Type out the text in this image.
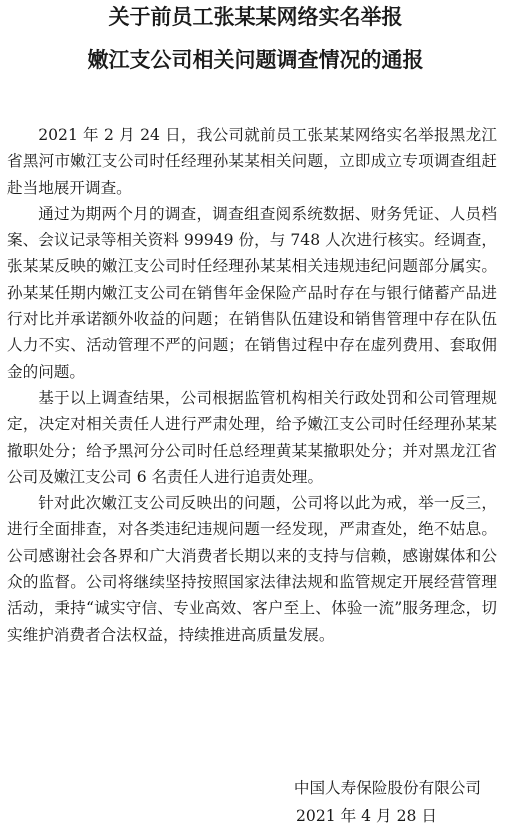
关于前员工张某某网络实名举报
嫩江支公司相关问题调查情况的通报

2021 年 2 月 24 日，我公司就前员工张某某网络实名举报黑龙江省黑河市嫩江支公司时任经理孙某某相关问题，立即成立专项调查组赶赴当地展开调查。

通过为期两个月的调查，调查组查阅系统数据、财务凭证、人员档案、会议记录等相关资料 99949 份，与 748 人次进行核实。经调查，张某某反映的嫩江支公司时任经理孙某某相关违规违纪问题部分属实。孙某某任期内嫩江支公司在销售年金保险产品时存在与银行储蓄产品进行对比并承诺额外收益的问题；在销售队伍建设和销售管理中存在队伍人力不实、活动管理不严的问题；在销售过程中存在虚列费用、套取佣金的问题。

基于以上调查结果，公司根据监管机构相关行政处罚和公司管理规定，决定对相关责任人进行严肃处理，给予嫩江支公司时任经理孙某某撤职处分；给予黑河分公司时任总经理黄某某撤职处分；并对黑龙江省公司及嫩江支公司 6 名责任人进行追责处理。

针对此次嫩江支公司反映出的问题，公司将以此为戒，举一反三，进行全面排查，对各类违纪违规问题一经发现，严肃查处，绝不姑息。公司感谢社会各界和广大消费者长期以来的支持与信赖，感谢媒体和公众的监督。公司将继续坚持按照国家法律法规和监管规定开展经营管理活动，秉持“诚实守信、专业高效、客户至上、体验一流”服务理念，切实维护消费者合法权益，持续推进高质量发展。

中国人寿保险股份有限公司
2021 年 4 月 28 日
